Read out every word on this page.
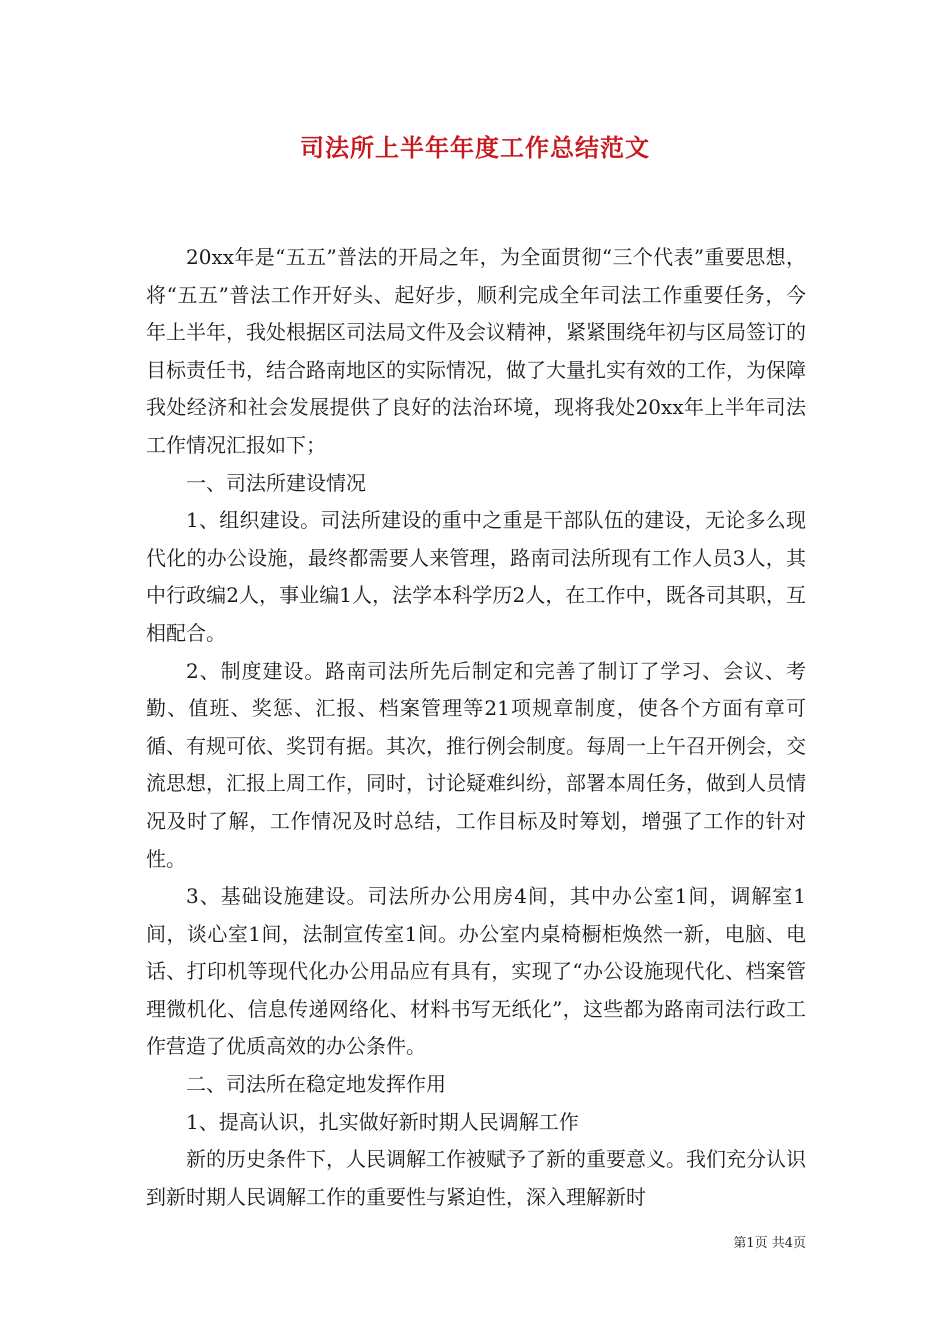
司法所上半年年度工作总结范文

20xx年是“五五”普法的开局之年，为全面贯彻“三个代表”重要思想，将“五五”普法工作开好头、起好步，顺利完成全年司法工作重要任务，今年上半年，我处根据区司法局文件及会议精神，紧紧围绕年初与区局签订的目标责任书，结合路南地区的实际情况，做了大量扎实有效的工作，为保障我处经济和社会发展提供了良好的法治环境，现将我处20xx年上半年司法工作情况汇报如下；

一、司法所建设情况

1、组织建设。司法所建设的重中之重是干部队伍的建设，无论多么现代化的办公设施，最终都需要人来管理，路南司法所现有工作人员3人，其中行政编2人，事业编1人，法学本科学历2人，在工作中，既各司其职，互相配合。

2、制度建设。路南司法所先后制定和完善了制订了学习、会议、考勤、值班、奖惩、汇报、档案管理等21项规章制度，使各个方面有章可循、有规可依、奖罚有据。其次，推行例会制度。每周一上午召开例会，交流思想，汇报上周工作，同时，讨论疑难纠纷，部署本周任务，做到人员情况及时了解，工作情况及时总结，工作目标及时筹划，增强了工作的针对性。

3、基础设施建设。司法所办公用房4间，其中办公室1间，调解室1间，谈心室1间，法制宣传室1间。办公室内桌椅橱柜焕然一新，电脑、电话、打印机等现代化办公用品应有具有，实现了“办公设施现代化、档案管理微机化、信息传递网络化、材料书写无纸化”，这些都为路南司法行政工作营造了优质高效的办公条件。

二、司法所在稳定地发挥作用

1、提高认识，扎实做好新时期人民调解工作

新的历史条件下，人民调解工作被赋予了新的重要意义。我们充分认识到新时期人民调解工作的重要性与紧迫性，深入理解新时

第1页 共4页
